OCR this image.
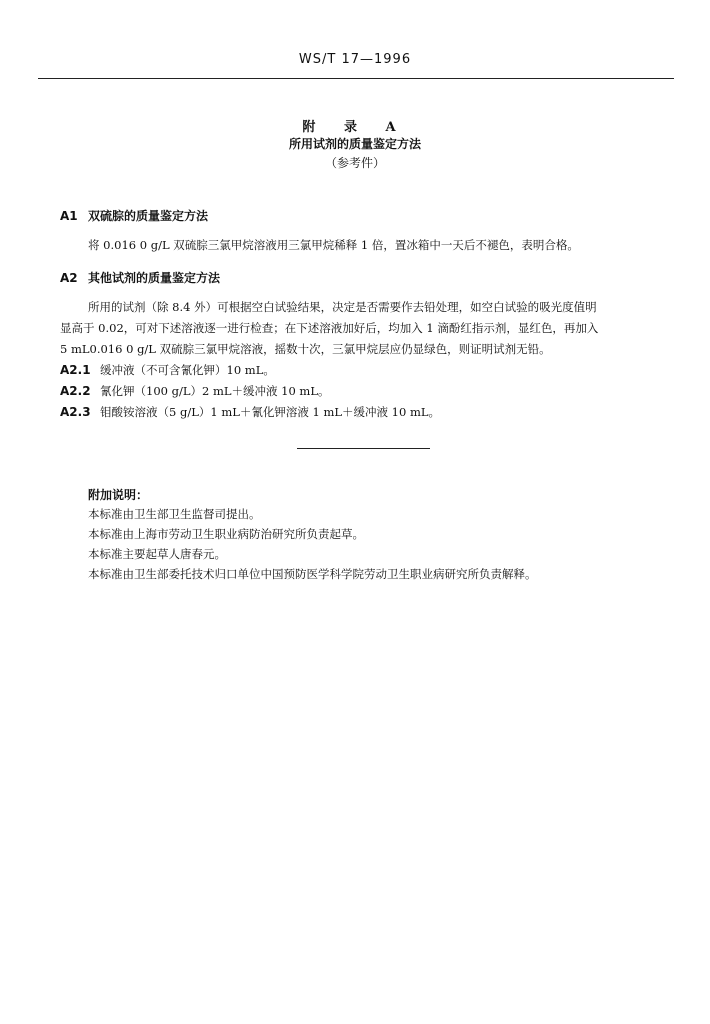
WS/T 17—1996
附 录 A
所用试剂的质量鉴定方法
（参考件）
A1 双硫腙的质量鉴定方法
将 0.016 0 g/L 双硫腙三氯甲烷溶液用三氯甲烷稀释 1 倍，置冰箱中一天后不褪色，表明合格。
A2 其他试剂的质量鉴定方法
所用的试剂（除 8.4 外）可根据空白试验结果，决定是否需要作去铅处理，如空白试验的吸光度值明
显高于 0.02，可对下述溶液逐一进行检查；在下述溶液加好后，均加入 1 滴酚红指示剂，显红色，再加入
5 mL0.016 0 g/L 双硫腙三氯甲烷溶液，摇数十次，三氯甲烷层应仍显绿色，则证明试剂无铅。
A2.1 缓冲液（不可含氰化钾）10 mL。
A2.2 氰化钾（100 g/L）2 mL＋缓冲液 10 mL。
A2.3 钼酸铵溶液（5 g/L）1 mL＋氰化钾溶液 1 mL＋缓冲液 10 mL。
附加说明：
本标准由卫生部卫生监督司提出。
本标准由上海市劳动卫生职业病防治研究所负责起草。
本标准主要起草人唐春元。
本标准由卫生部委托技术归口单位中国预防医学科学院劳动卫生职业病研究所负责解释。
